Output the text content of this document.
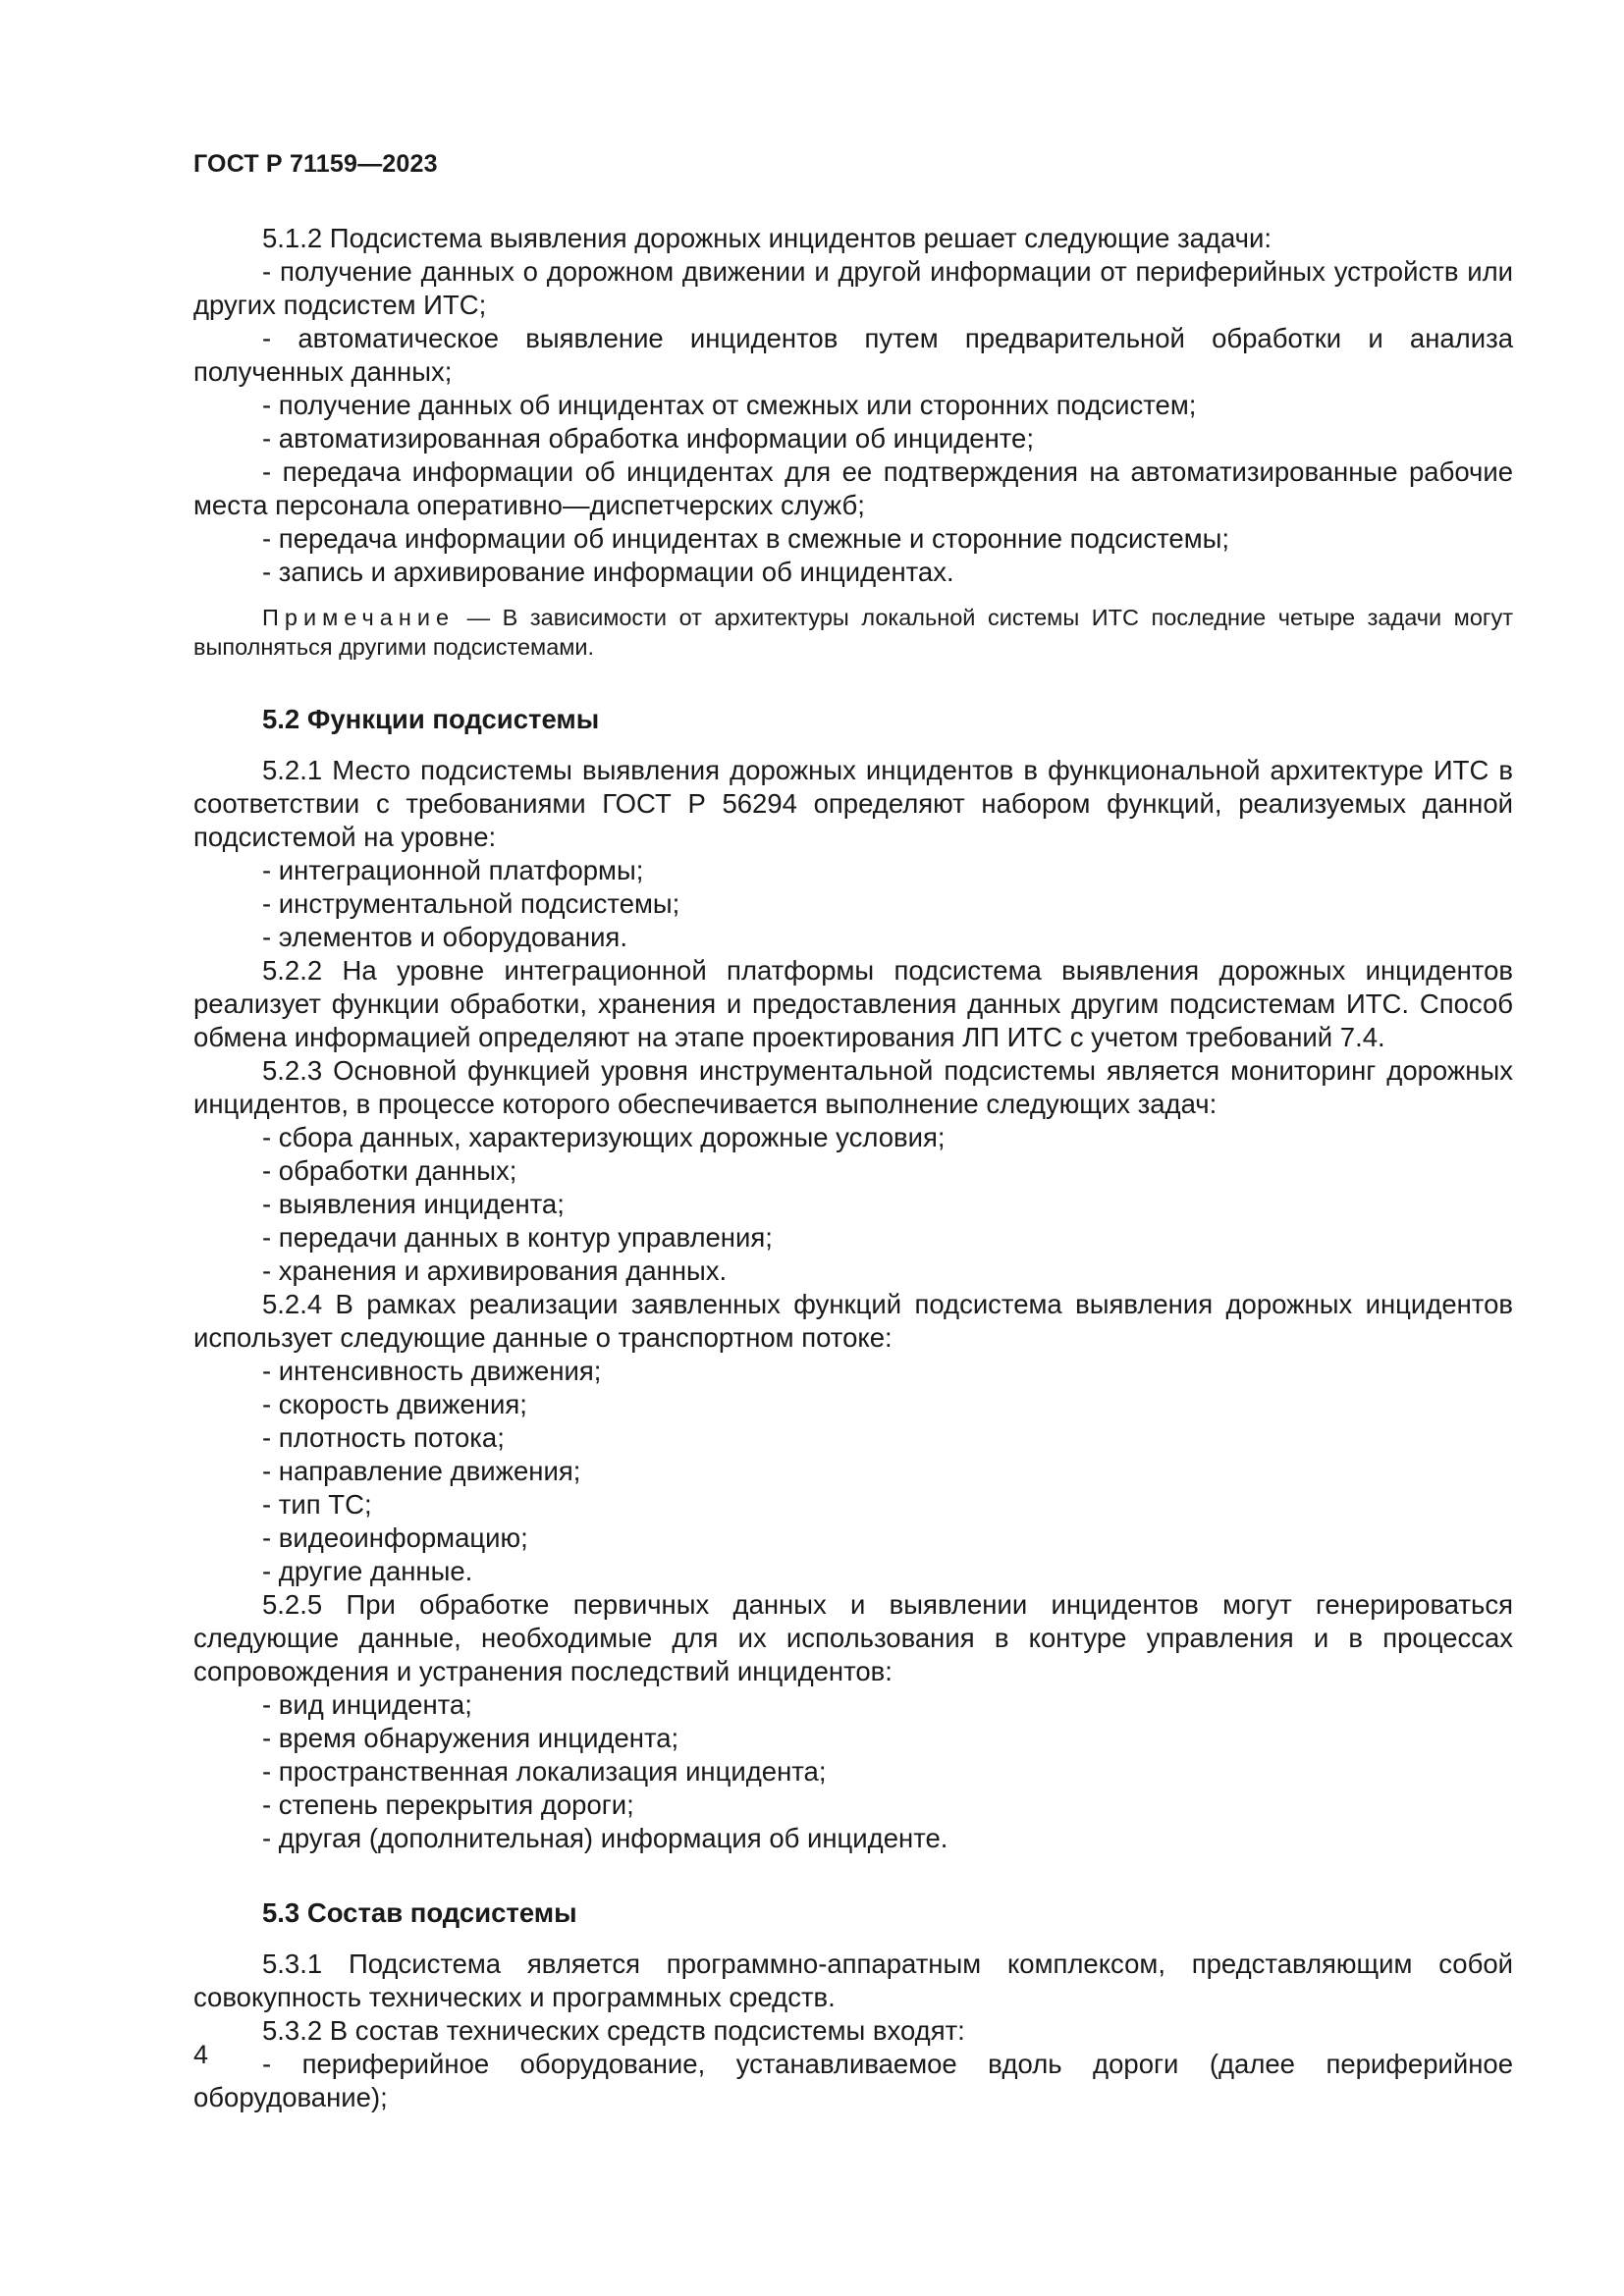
ГОСТ Р 71159—2023

5.1.2 Подсистема выявления дорожных инцидентов решает следующие задачи:

- получение данных о дорожном движении и другой информации от периферийных устройств или других подсистем ИТС;

- автоматическое выявление инцидентов путем предварительной обработки и анализа полученных данных;

- получение данных об инцидентах от смежных или сторонних подсистем;

- автоматизированная обработка информации об инциденте;

- передача информации об инцидентах для ее подтверждения на автоматизированные рабочие места персонала оперативно—диспетчерских служб;

- передача информации об инцидентах в смежные и сторонние подсистемы;

- запись и архивирование информации об инцидентах.

Примечание — В зависимости от архитектуры локальной системы ИТС последние четыре задачи могут выполняться другими подсистемами.

5.2 Функции подсистемы

5.2.1 Место подсистемы выявления дорожных инцидентов в функциональной архитектуре ИТС в соответствии с требованиями ГОСТ Р 56294 определяют набором функций, реализуемых данной подсистемой на уровне:

- интеграционной платформы;

- инструментальной подсистемы;

- элементов и оборудования.

5.2.2 На уровне интеграционной платформы подсистема выявления дорожных инцидентов реализует функции обработки, хранения и предоставления данных другим подсистемам ИТС. Способ обмена информацией определяют на этапе проектирования ЛП ИТС с учетом требований 7.4.

5.2.3 Основной функцией уровня инструментальной подсистемы является мониторинг дорожных инцидентов, в процессе которого обеспечивается выполнение следующих задач:

- сбора данных, характеризующих дорожные условия;

- обработки данных;

- выявления инцидента;

- передачи данных в контур управления;

- хранения и архивирования данных.

5.2.4 В рамках реализации заявленных функций подсистема выявления дорожных инцидентов использует следующие данные о транспортном потоке:

- интенсивность движения;

- скорость движения;

- плотность потока;

- направление движения;

- тип ТС;

- видеоинформацию;

- другие данные.

5.2.5 При обработке первичных данных и выявлении инцидентов могут генерироваться следующие данные, необходимые для их использования в контуре управления и в процессах сопровождения и устранения последствий инцидентов:

- вид инцидента;

- время обнаружения инцидента;

- пространственная локализация инцидента;

- степень перекрытия дороги;

- другая (дополнительная) информация об инциденте.

5.3 Состав подсистемы

5.3.1 Подсистема является программно-аппаратным комплексом, представляющим собой совокупность технических и программных средств.

5.3.2 В состав технических средств подсистемы входят:

- периферийное оборудование, устанавливаемое вдоль дороги (далее периферийное оборудование);

4
